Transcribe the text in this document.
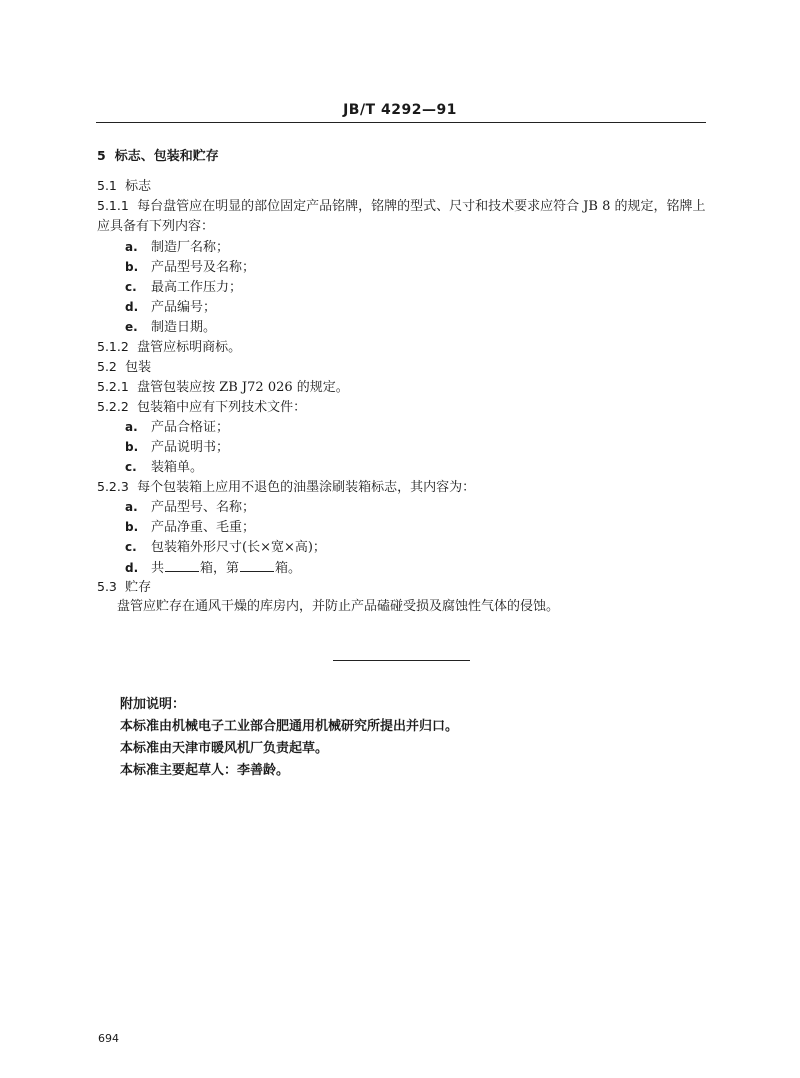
JB/T 4292—91
5 标志、包装和贮存
5.1 标志
5.1.1 每台盘管应在明显的部位固定产品铭牌，铭牌的型式、尺寸和技术要求应符合 JB 8 的规定，铭牌上应具备有下列内容：
a. 制造厂名称；
b. 产品型号及名称；
c. 最高工作压力；
d. 产品编号；
e. 制造日期。
5.1.2 盘管应标明商标。
5.2 包装
5.2.1 盘管包装应按 ZB J72 026 的规定。
5.2.2 包装箱中应有下列技术文件：
a. 产品合格证；
b. 产品说明书；
c. 装箱单。
5.2.3 每个包装箱上应用不退色的油墨涂刷装箱标志，其内容为：
a. 产品型号、名称；
b. 产品净重、毛重；
c. 包装箱外形尺寸(长×宽×高)；
d. 共	箱，第	箱。
5.3 贮存
盘管应贮存在通风干燥的库房内，并防止产品磕碰受损及腐蚀性气体的侵蚀。
附加说明：
本标准由机械电子工业部合肥通用机械研究所提出并归口。
本标准由天津市暖风机厂负责起草。
本标准主要起草人：李善龄。
694
